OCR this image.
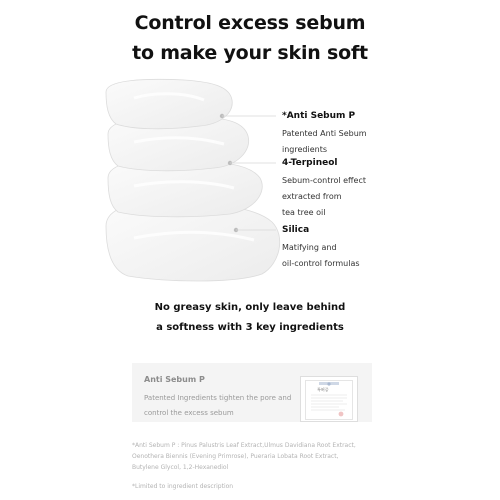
Control excess sebum
to make your skin soft
*Anti Sebum P
Patented Anti Sebum
ingredients
4-Terpineol
Sebum-control effect
extracted from
tea tree oil
Silica
Matifying and
oil-control formulas
No greasy skin, only leave behind
a softness with 3 key ingredients
Anti Sebum P
Patented Ingredients tighten the pore and
control the excess sebum
특허증
*Anti Sebum P : Pinus Palustris Leaf Extract,Ulmus Davidiana Root Extract,
Oenothera Biennis (Evening Primrose), Pueraria Lobata Root Extract,
Butylene Glycol, 1,2-Hexanediol
*Limited to ingredient description
